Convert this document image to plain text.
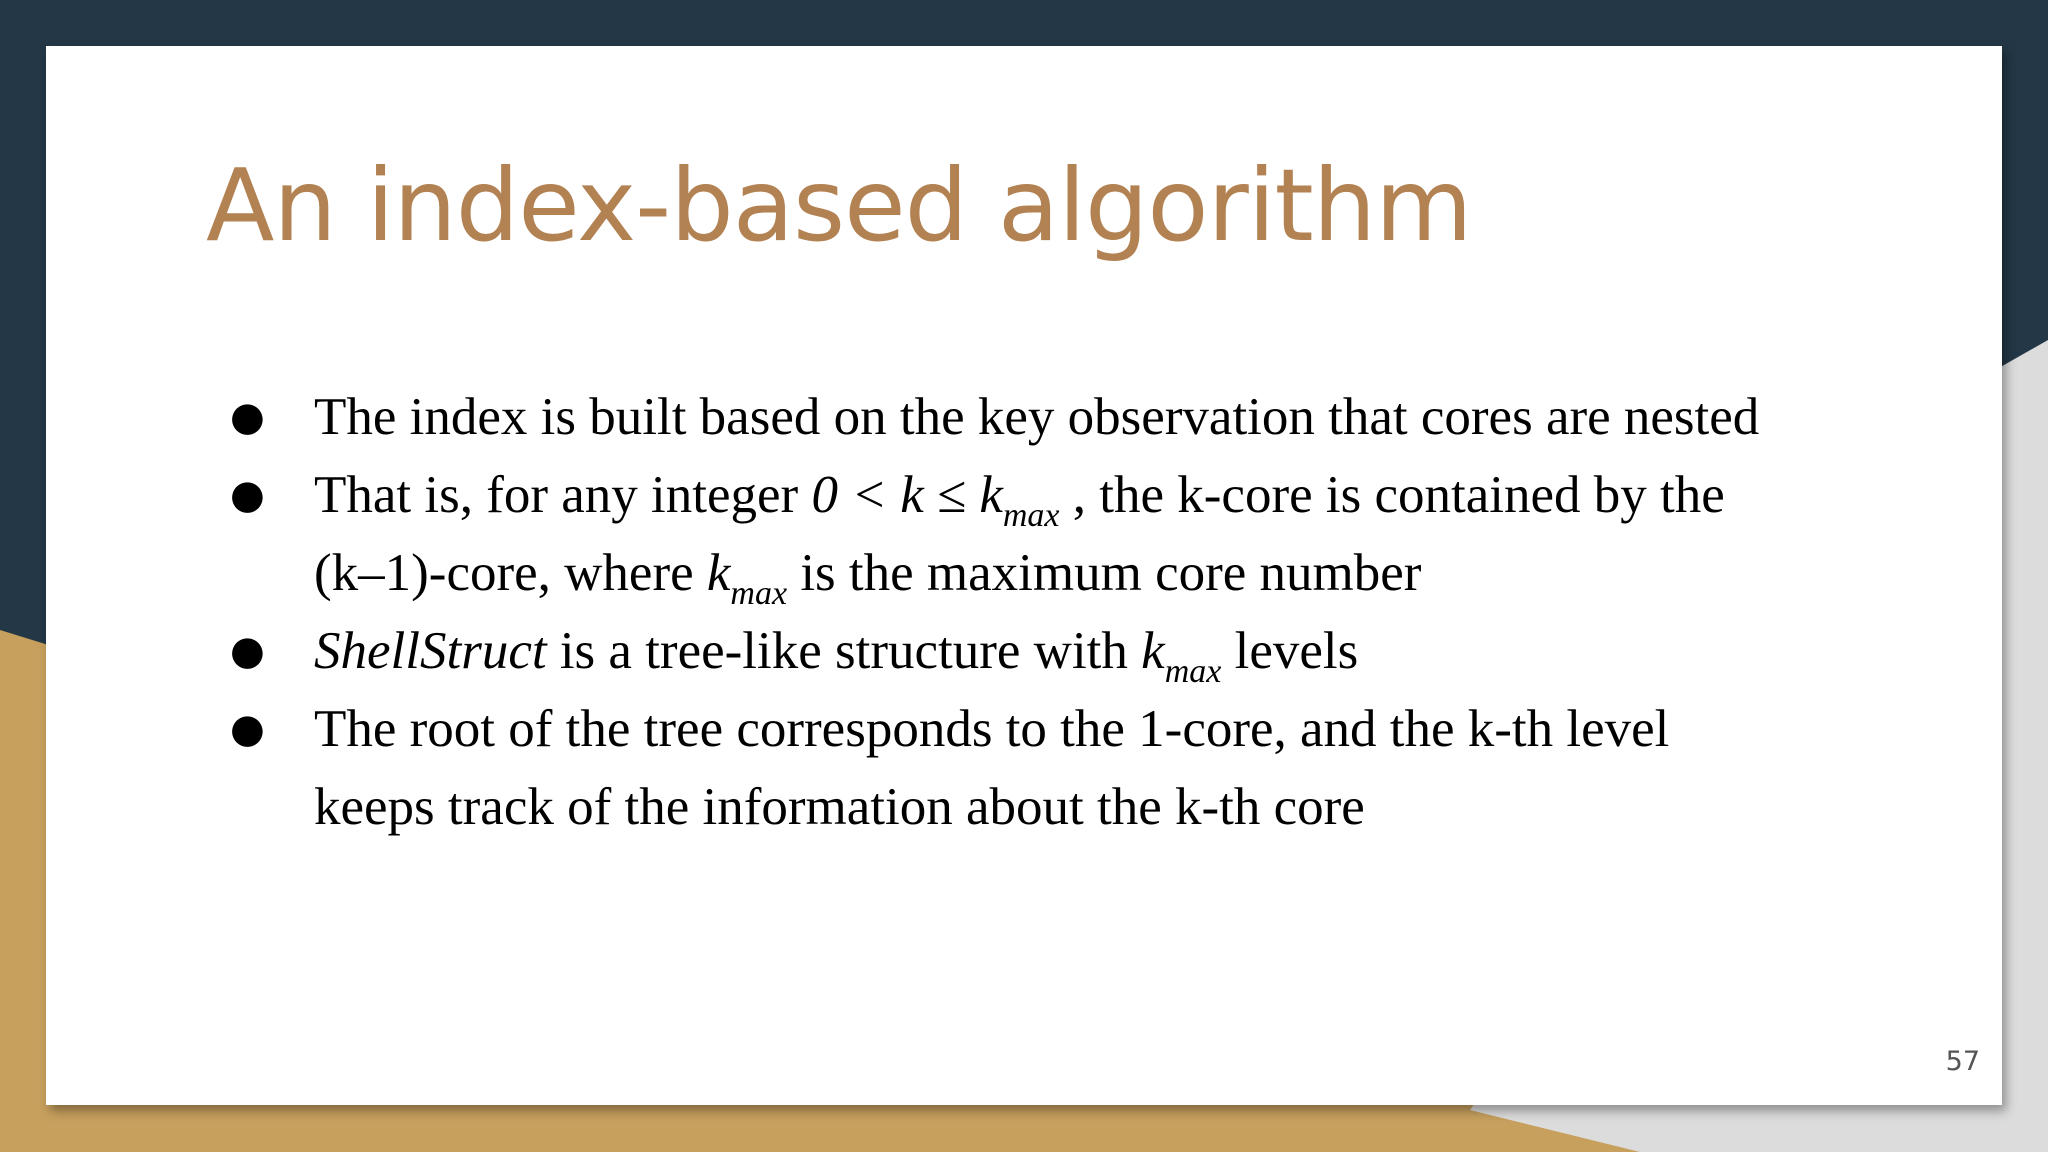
An index-based algorithm
● The index is built based on the key observation that cores are nested
● That is, for any integer $0 < k \le k_{max}$ , the k-core is contained by the
(k–1)-core, where $k_{max}$ is the maximum core number
● ShellStruct is a tree-like structure with $k_{max}$ levels
● The root of the tree corresponds to the 1-core, and the k-th level
keeps track of the information about the k-th core
57
